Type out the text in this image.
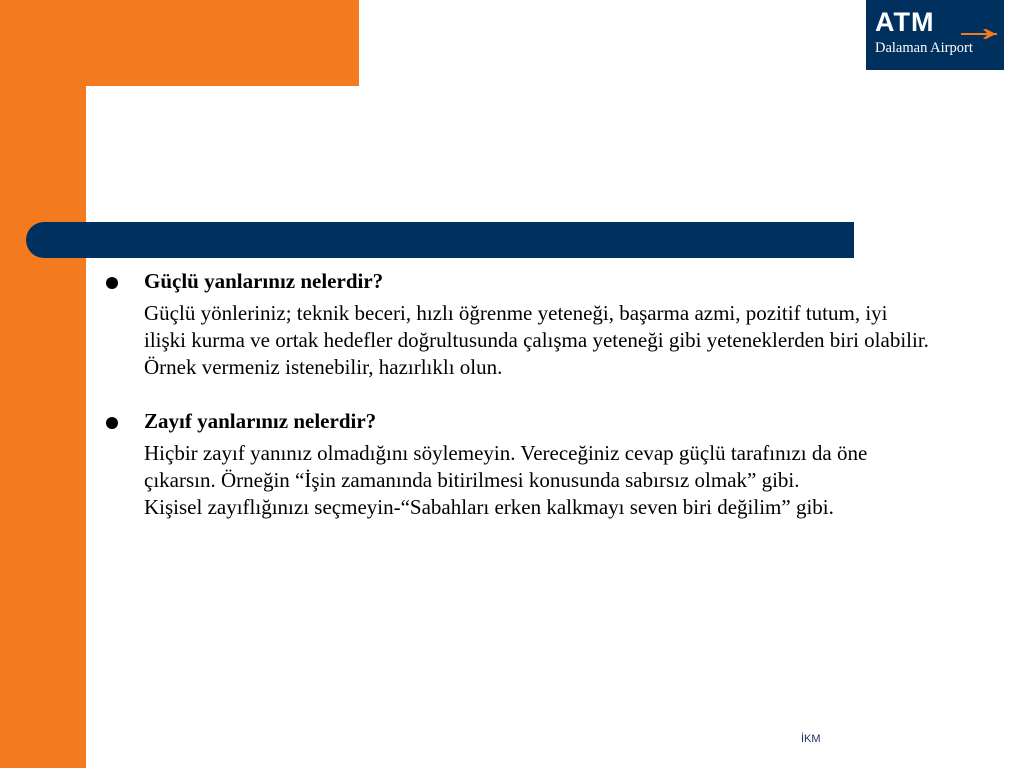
ATM
Dalaman Airport
Güçlü yanlarınız nelerdir?
Güçlü yönleriniz; teknik beceri, hızlı öğrenme yeteneği, başarma azmi, pozitif tutum, iyi ilişki kurma ve ortak hedefler doğrultusunda çalışma yeteneği gibi yeteneklerden biri olabilir. Örnek vermeniz istenebilir, hazırlıklı olun.
Zayıf yanlarınız nelerdir?
Hiçbir zayıf yanınız olmadığını söylemeyin. Vereceğiniz cevap güçlü tarafınızı da öne çıkarsın. Örneğin “İşin zamanında bitirilmesi konusunda sabırsız olmak” gibi.
Kişisel zayıflığınızı seçmeyin-“Sabahları erken kalkmayı seven biri değilim” gibi.
İKM
